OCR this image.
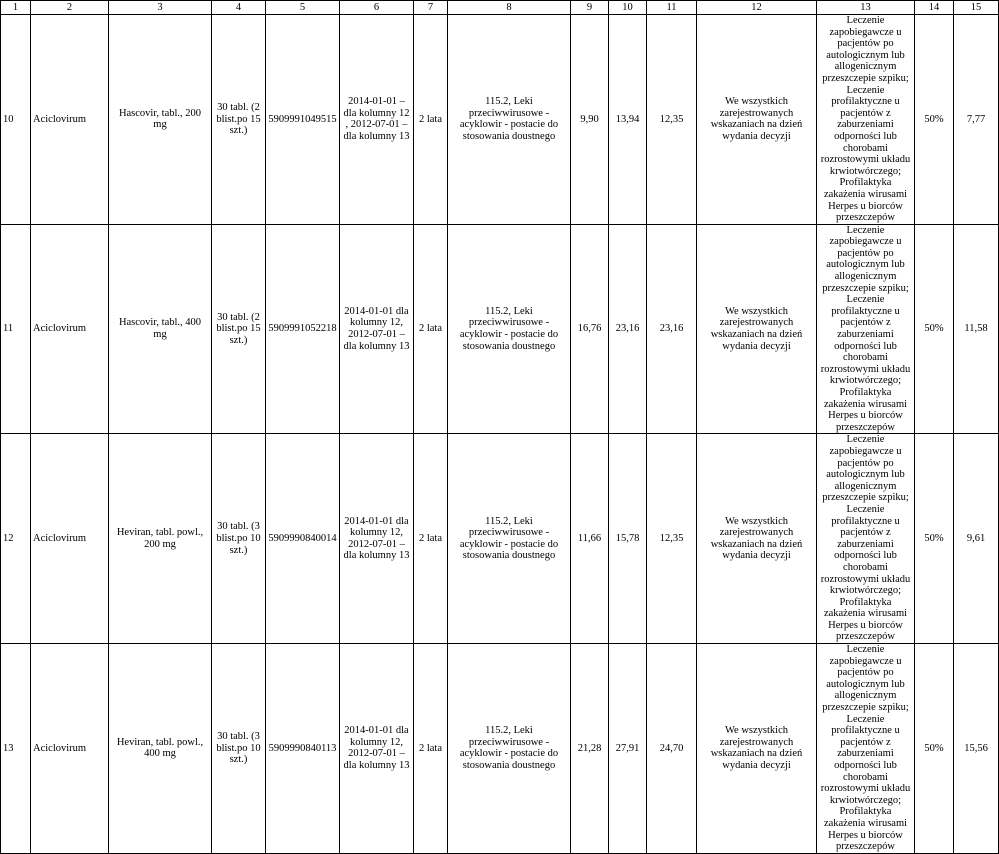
1	2	3	4	5	6	7	8	9	10	11	12	13	14	15
10	Aciclovirum	Hascovir, tabl., 200 mg	30 tabl. (2 blist.po 15 szt.)	5909991049515	2014-01-01 – dla kolumny 12 , 2012-07-01 – dla kolumny 13	2 lata	115.2, Leki przeciwwirusowe - acyklowir - postacie do stosowania doustnego	9,90	13,94	12,35	We wszystkich zarejestrowanych wskazaniach na dzień wydania decyzji	Leczenie zapobiegawcze u pacjentów po autologicznym lub allogenicznym przeszczepie szpiku; Leczenie profilaktyczne u pacjentów z zaburzeniami odporności lub chorobami rozrostowymi układu krwiotwórczego; Profilaktyka zakażenia wirusami Herpes u biorców przeszczepów	50%	7,77
11	Aciclovirum	Hascovir, tabl., 400 mg	30 tabl. (2 blist.po 15 szt.)	5909991052218	2014-01-01 dla kolumny 12, 2012-07-01 – dla kolumny 13	2 lata	115.2, Leki przeciwwirusowe - acyklowir - postacie do stosowania doustnego	16,76	23,16	23,16	We wszystkich zarejestrowanych wskazaniach na dzień wydania decyzji	Leczenie zapobiegawcze u pacjentów po autologicznym lub allogenicznym przeszczepie szpiku; Leczenie profilaktyczne u pacjentów z zaburzeniami odporności lub chorobami rozrostowymi układu krwiotwórczego; Profilaktyka zakażenia wirusami Herpes u biorców przeszczepów	50%	11,58
12	Aciclovirum	Heviran, tabl. powl., 200 mg	30 tabl. (3 blist.po 10 szt.)	5909990840014	2014-01-01 dla kolumny 12, 2012-07-01 – dla kolumny 13	2 lata	115.2, Leki przeciwwirusowe - acyklowir - postacie do stosowania doustnego	11,66	15,78	12,35	We wszystkich zarejestrowanych wskazaniach na dzień wydania decyzji	Leczenie zapobiegawcze u pacjentów po autologicznym lub allogenicznym przeszczepie szpiku; Leczenie profilaktyczne u pacjentów z zaburzeniami odporności lub chorobami rozrostowymi układu krwiotwórczego; Profilaktyka zakażenia wirusami Herpes u biorców przeszczepów	50%	9,61
13	Aciclovirum	Heviran, tabl. powl., 400 mg	30 tabl. (3 blist.po 10 szt.)	5909990840113	2014-01-01 dla kolumny 12, 2012-07-01 – dla kolumny 13	2 lata	115.2, Leki przeciwwirusowe - acyklowir - postacie do stosowania doustnego	21,28	27,91	24,70	We wszystkich zarejestrowanych wskazaniach na dzień wydania decyzji	Leczenie zapobiegawcze u pacjentów po autologicznym lub allogenicznym przeszczepie szpiku; Leczenie profilaktyczne u pacjentów z zaburzeniami odporności lub chorobami rozrostowymi układu krwiotwórczego; Profilaktyka zakażenia wirusami Herpes u biorców przeszczepów	50%	15,56
